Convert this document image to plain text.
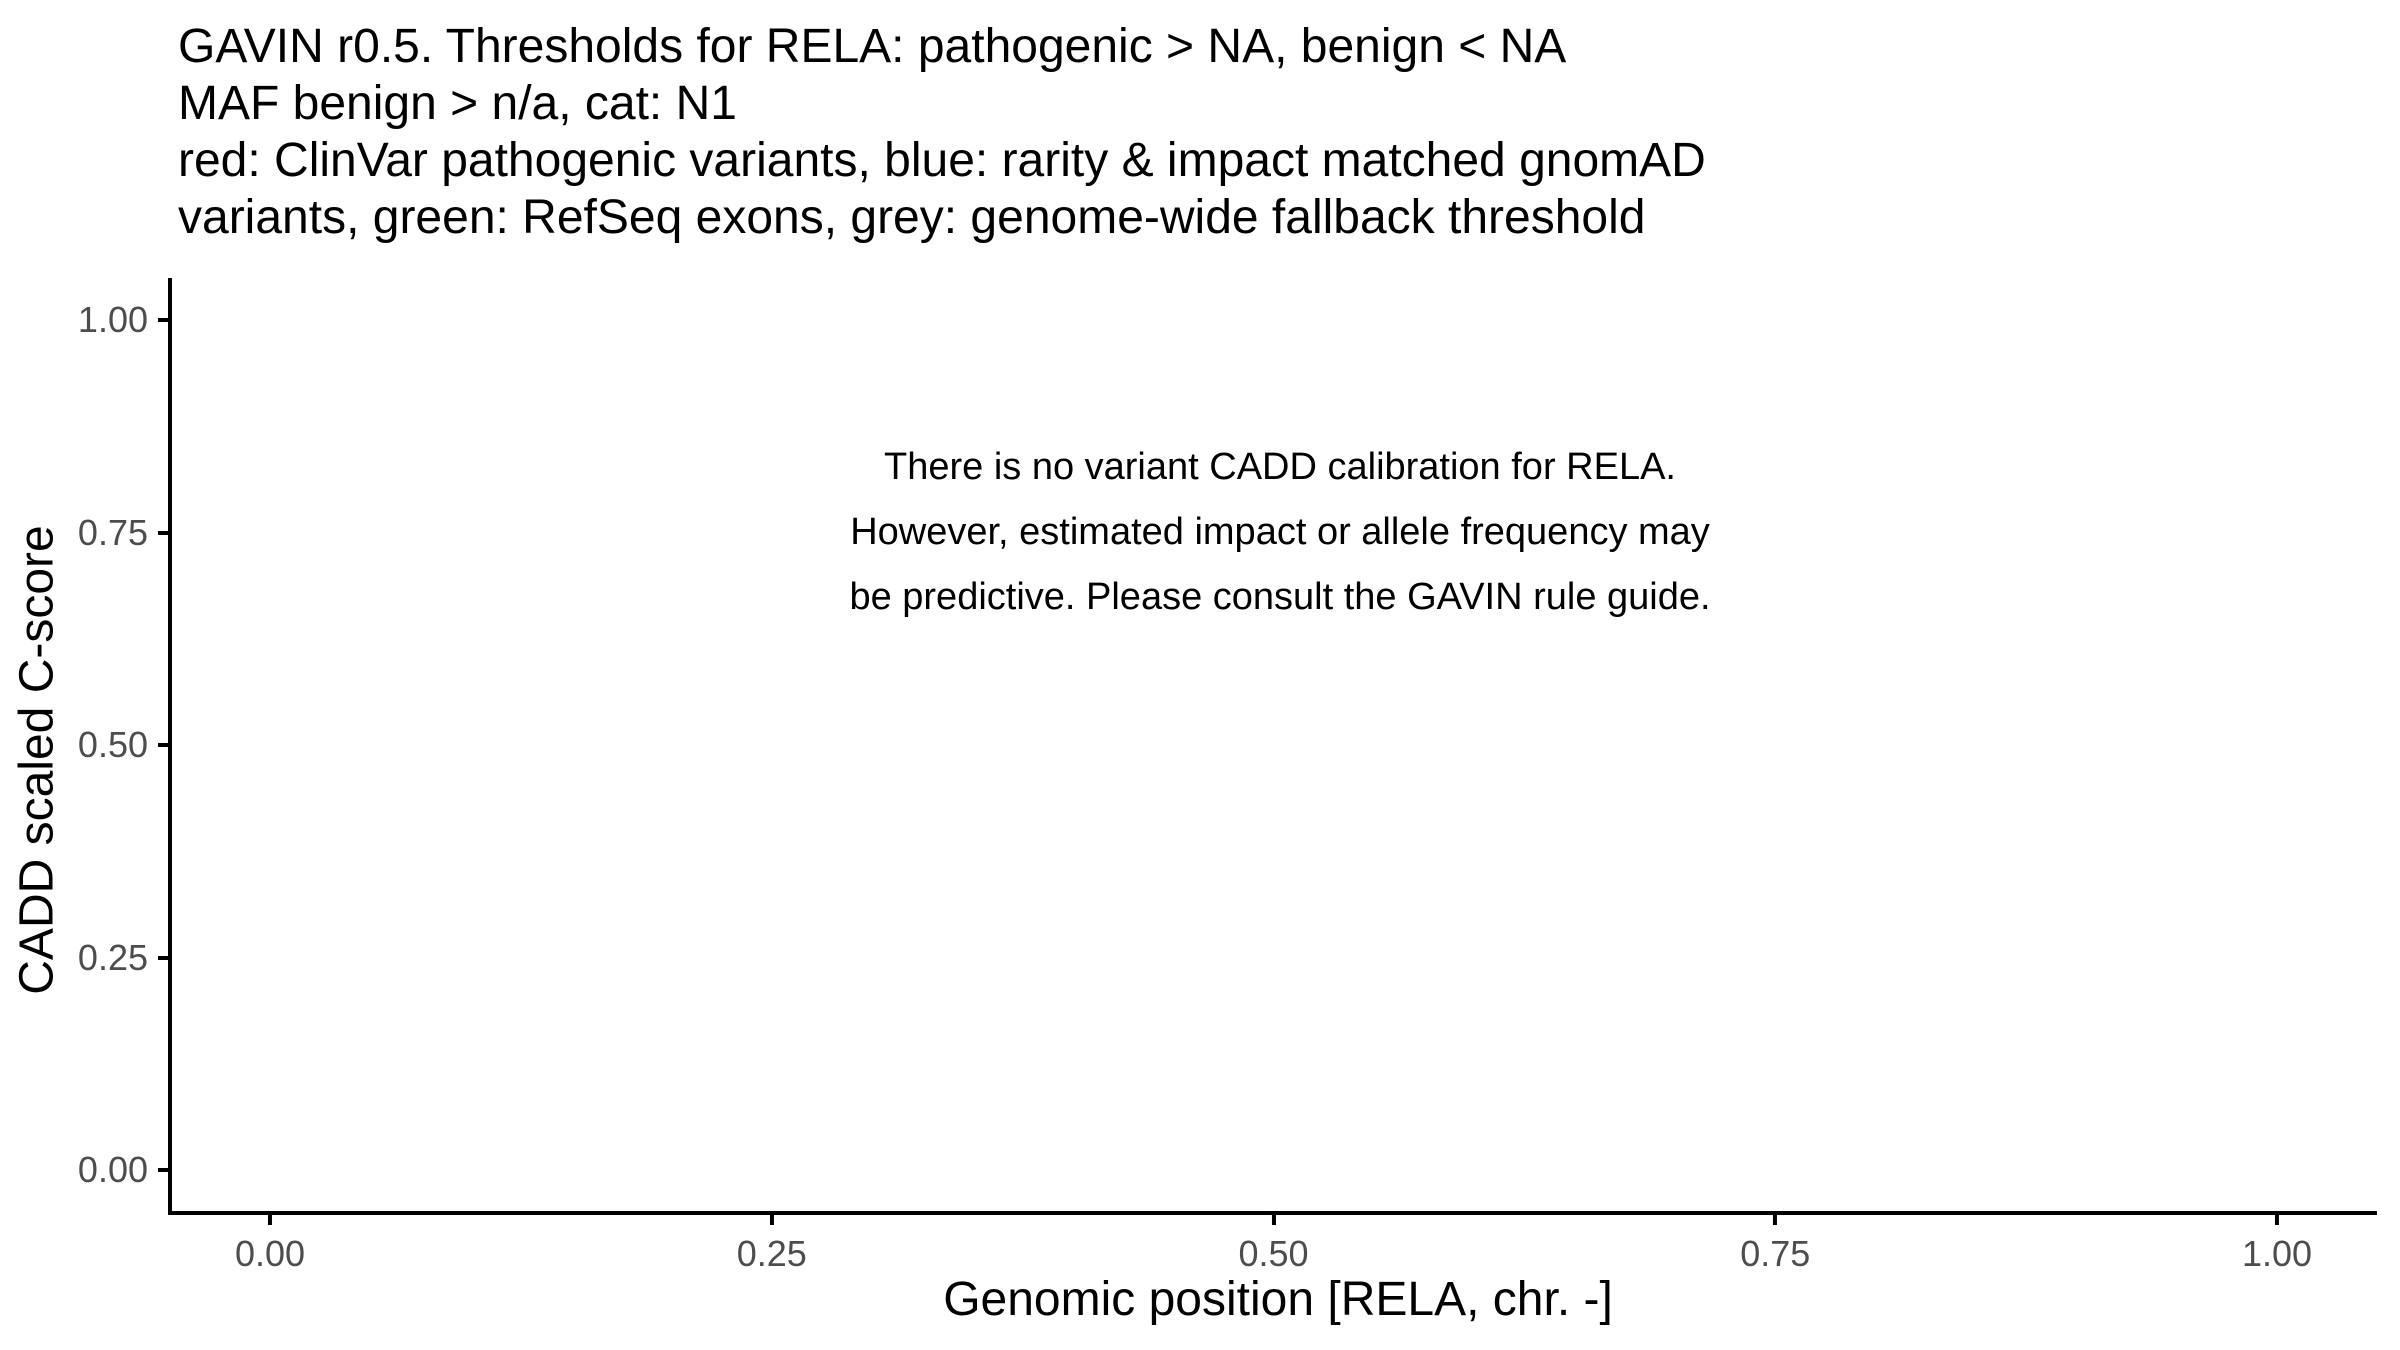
GAVIN r0.5. Thresholds for RELA: pathogenic > NA, benign < NA
MAF benign > n/a, cat: N1
red: ClinVar pathogenic variants, blue: rarity & impact matched gnomAD
variants, green: RefSeq exons, grey: genome-wide fallback threshold
1.00
0.75
0.50
0.25
0.00
0.00	0.25	0.50	0.75	1.00
CADD scaled C-score
Genomic position [RELA, chr. -]
There is no variant CADD calibration for RELA.
However, estimated impact or allele frequency may
be predictive. Please consult the GAVIN rule guide.
